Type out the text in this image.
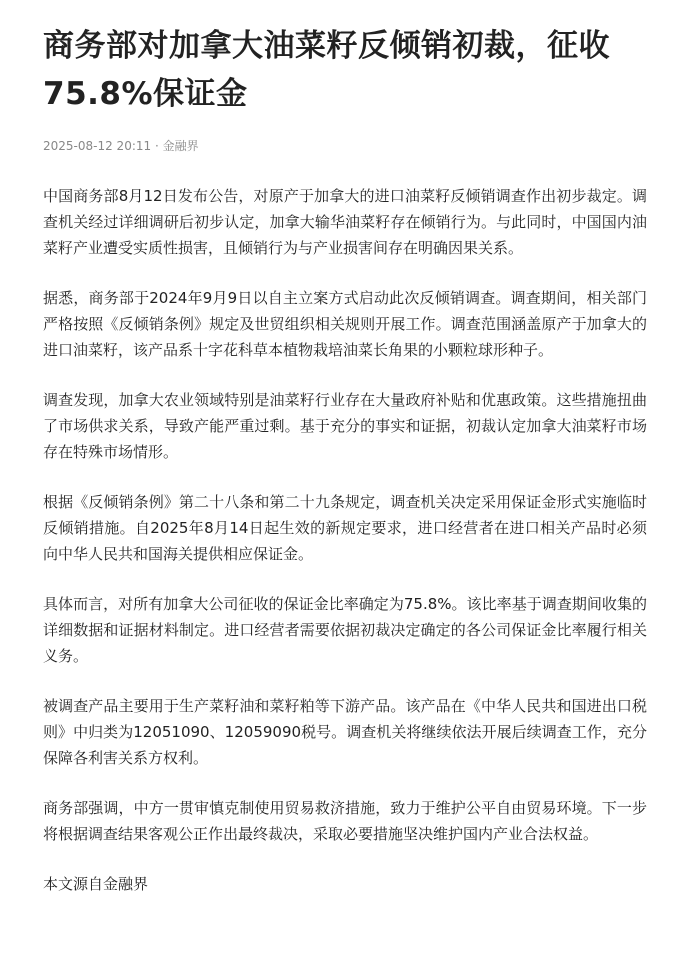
商务部对加拿大油菜籽反倾销初裁，征收75.8%保证金
2025-08-12 20:11 · 金融界

中国商务部8月12日发布公告，对原产于加拿大的进口油菜籽反倾销调查作出初步裁定。调查机关经过详细调研后初步认定，加拿大输华油菜籽存在倾销行为。与此同时，中国国内油菜籽产业遭受实质性损害，且倾销行为与产业损害间存在明确因果关系。

据悉，商务部于2024年9月9日以自主立案方式启动此次反倾销调查。调查期间，相关部门严格按照《反倾销条例》规定及世贸组织相关规则开展工作。调查范围涵盖原产于加拿大的进口油菜籽，该产品系十字花科草本植物栽培油菜长角果的小颗粒球形种子。

调查发现，加拿大农业领域特别是油菜籽行业存在大量政府补贴和优惠政策。这些措施扭曲了市场供求关系，导致产能严重过剩。基于充分的事实和证据，初裁认定加拿大油菜籽市场存在特殊市场情形。

根据《反倾销条例》第二十八条和第二十九条规定，调查机关决定采用保证金形式实施临时反倾销措施。自2025年8月14日起生效的新规定要求，进口经营者在进口相关产品时必须向中华人民共和国海关提供相应保证金。

具体而言，对所有加拿大公司征收的保证金比率确定为75.8%。该比率基于调查期间收集的详细数据和证据材料制定。进口经营者需要依据初裁决定确定的各公司保证金比率履行相关义务。

被调查产品主要用于生产菜籽油和菜籽粕等下游产品。该产品在《中华人民共和国进出口税则》中归类为12051090、12059090税号。调查机关将继续依法开展后续调查工作，充分保障各利害关系方权利。

商务部强调，中方一贯审慎克制使用贸易救济措施，致力于维护公平自由贸易环境。下一步将根据调查结果客观公正作出最终裁决，采取必要措施坚决维护国内产业合法权益。

本文源自金融界
